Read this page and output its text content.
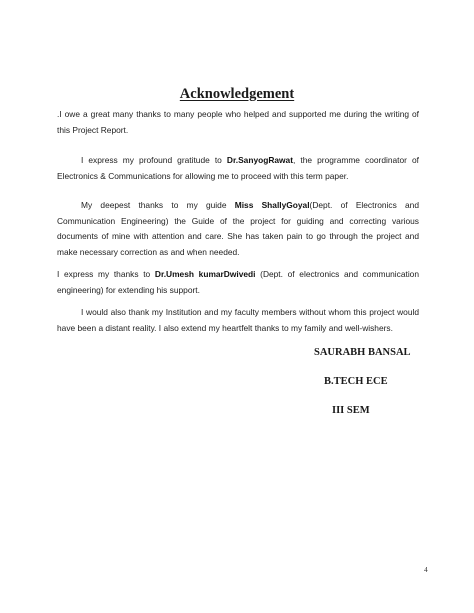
Acknowledgement

.I owe a great many thanks to many people who helped and supported me during the writing of this Project Report.

I express my profound gratitude to Dr.SanyogRawat, the programme coordinator of Electronics & Communications for allowing me to proceed with this term paper.

My deepest thanks to my guide Miss ShallyGoyal(Dept. of Electronics and Communication Engineering) the Guide of the project for guiding and correcting various documents of mine with attention and care. She has taken pain to go through the project and make necessary correction as and when needed.

I express my thanks to Dr.Umesh kumarDwivedi (Dept. of electronics and communication engineering) for extending his support.

I would also thank my Institution and my faculty members without whom this project would have been a distant reality. I also extend my heartfelt thanks to my family and well-wishers.

SAURABH BANSAL

B.TECH ECE

III SEM

4
